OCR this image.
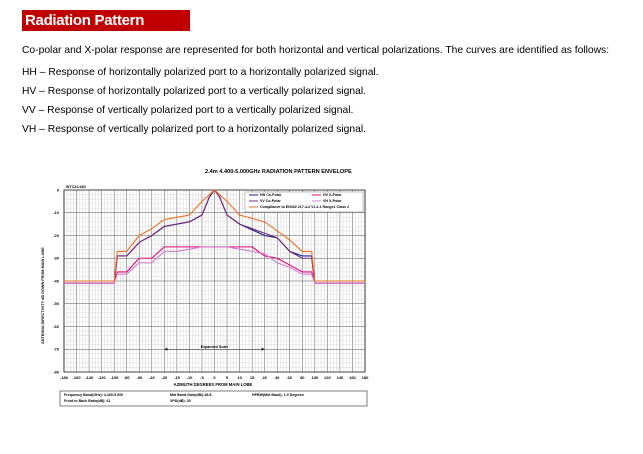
Radiation Pattern Envelope
Co-polar and X-polar response are represented for both horizontal and vertical polarizations. The curves are identified as follows:
HH – Response of horizontally polarized port to a horizontally polarized signal.
HV – Response of horizontally polarized port to a vertically polarized signal.
VV – Response of vertically polarized port to a vertically polarized signal.
VH – Response of vertically polarized port to a horizontally polarized signal.
2.4m 4.400-5.000GHz RADIATION PATTERN ENVELOPE
WTC24-44D
ANTENNA DIRECTIVITY dB DOWN FROM MAIN LOBE
AZIMUTH DEGREES FROM MAIN LOBE
Expanded Scale
-180 -160 -140 -120 -100 -80 -60 -40 -20 -15 -10 -5 0	5 10 15 20 40 60 80 100 120 140 160 180
0
-10
-20
-30
-40
-50
-60
-70
-80
HH Co-Polar	HV X-Polar
VV Co-Polar	VH X-Polar
Compliance to EN302 217-4-2 V1.2.1 Range1 Class 2
Frequency Band(GHz): 4.400-5.000	Mid Band Gain(dBi):38.8	HPBW(Mid Band): 1.9 Degrees
Front to Back Ratio(dB): 61	XPD(dB): 30
